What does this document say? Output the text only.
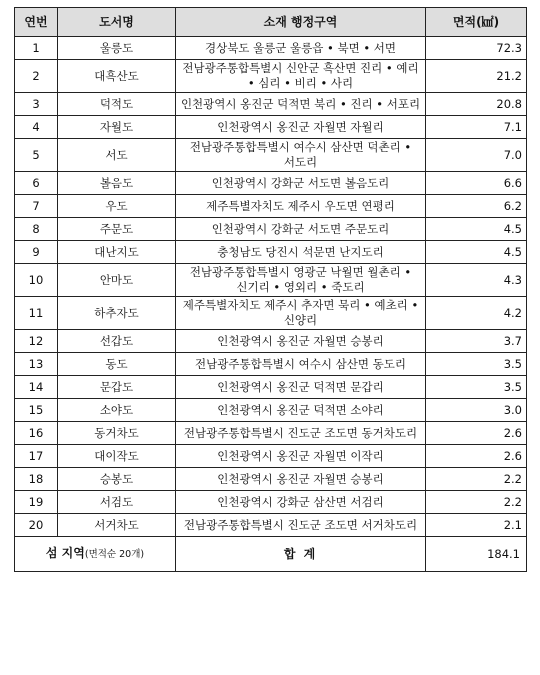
연번	도서명	소재 행정구역	면적(㎢)
1	울릉도	경상북도 울릉군 울릉읍 • 북면 • 서면	72.3
2	대흑산도	전남광주통합특별시 신안군 흑산면 진리 • 예리 • 심리 • 비리 • 사리	21.2
3	덕적도	인천광역시 옹진군 덕적면 북리 • 진리 • 서포리	20.8
4	자월도	인천광역시 옹진군 자월면 자월리	7.1
5	서도	전남광주통합특별시 여수시 삼산면 덕촌리 • 서도리	7.0
6	볼음도	인천광역시 강화군 서도면 볼음도리	6.6
7	우도	제주특별자치도 제주시 우도면 연평리	6.2
8	주문도	인천광역시 강화군 서도면 주문도리	4.5
9	대난지도	충청남도 당진시 석문면 난지도리	4.5
10	안마도	전남광주통합특별시 영광군 낙월면 월촌리 • 신기리 • 영외리 • 죽도리	4.3
11	하추자도	제주특별자치도 제주시 추자면 묵리 • 예초리 • 신양리	4.2
12	선갑도	인천광역시 옹진군 자월면 승봉리	3.7
13	동도	전남광주통합특별시 여수시 삼산면 동도리	3.5
14	문갑도	인천광역시 옹진군 덕적면 문갑리	3.5
15	소야도	인천광역시 옹진군 덕적면 소야리	3.0
16	동거차도	전남광주통합특별시 진도군 조도면 동거차도리	2.6
17	대이작도	인천광역시 옹진군 자월면 이작리	2.6
18	승봉도	인천광역시 옹진군 자월면 승봉리	2.2
19	서검도	인천광역시 강화군 삼산면 서검리	2.2
20	서거차도	전남광주통합특별시 진도군 조도면 서거차도리	2.1
섬 지역(면적순 20개)		합 계	184.1
